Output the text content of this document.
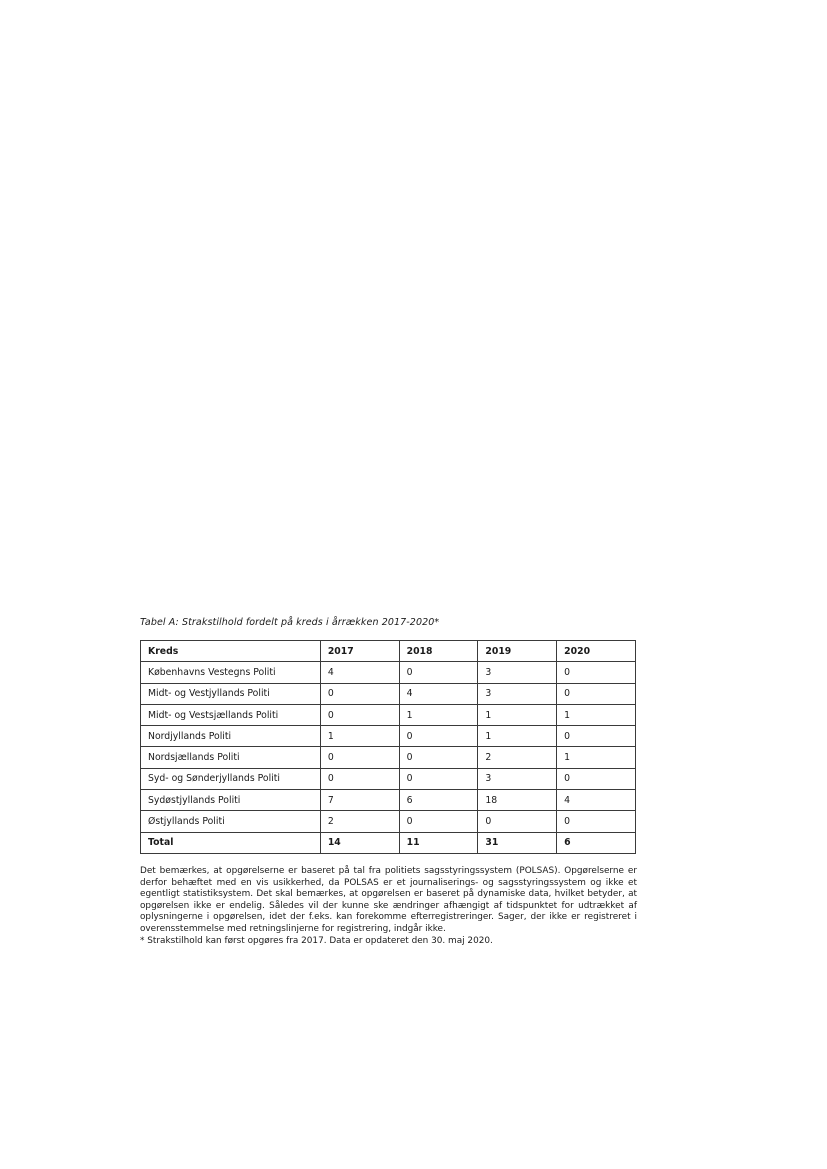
Tabel A: Strakstilhold fordelt på kreds i årrækken 2017-2020*
Kreds	2017	2018	2019	2020
Københavns Vestegns Politi	4	0	3	0
Midt- og Vestjyllands Politi	0	4	3	0
Midt- og Vestsjællands Politi	0	1	1	1
Nordjyllands Politi	1	0	1	0
Nordsjællands Politi	0	0	2	1
Syd- og Sønderjyllands Politi	0	0	3	0
Sydøstjyllands Politi	7	6	18	4
Østjyllands Politi	2	0	0	0
Total	14	11	31	6

Det bemærkes, at opgørelserne er baseret på tal fra politiets sagsstyringssystem (POLSAS). Opgørelserne er derfor behæftet med en vis usikkerhed, da POLSAS er et journaliserings- og sagsstyringssystem og ikke et egentligt statistiksystem. Det skal bemærkes, at opgørelsen er baseret på dynamiske data, hvilket betyder, at opgørelsen ikke er endelig. Således vil der kunne ske ændringer afhængigt af tidspunktet for udtrækket af oplysningerne i opgørelsen, idet der f.eks. kan forekomme efterregistreringer. Sager, der ikke er registreret i overensstemmelse med retningslinjerne for registrering, indgår ikke.

* Strakstilhold kan først opgøres fra 2017. Data er opdateret den 30. maj 2020.
